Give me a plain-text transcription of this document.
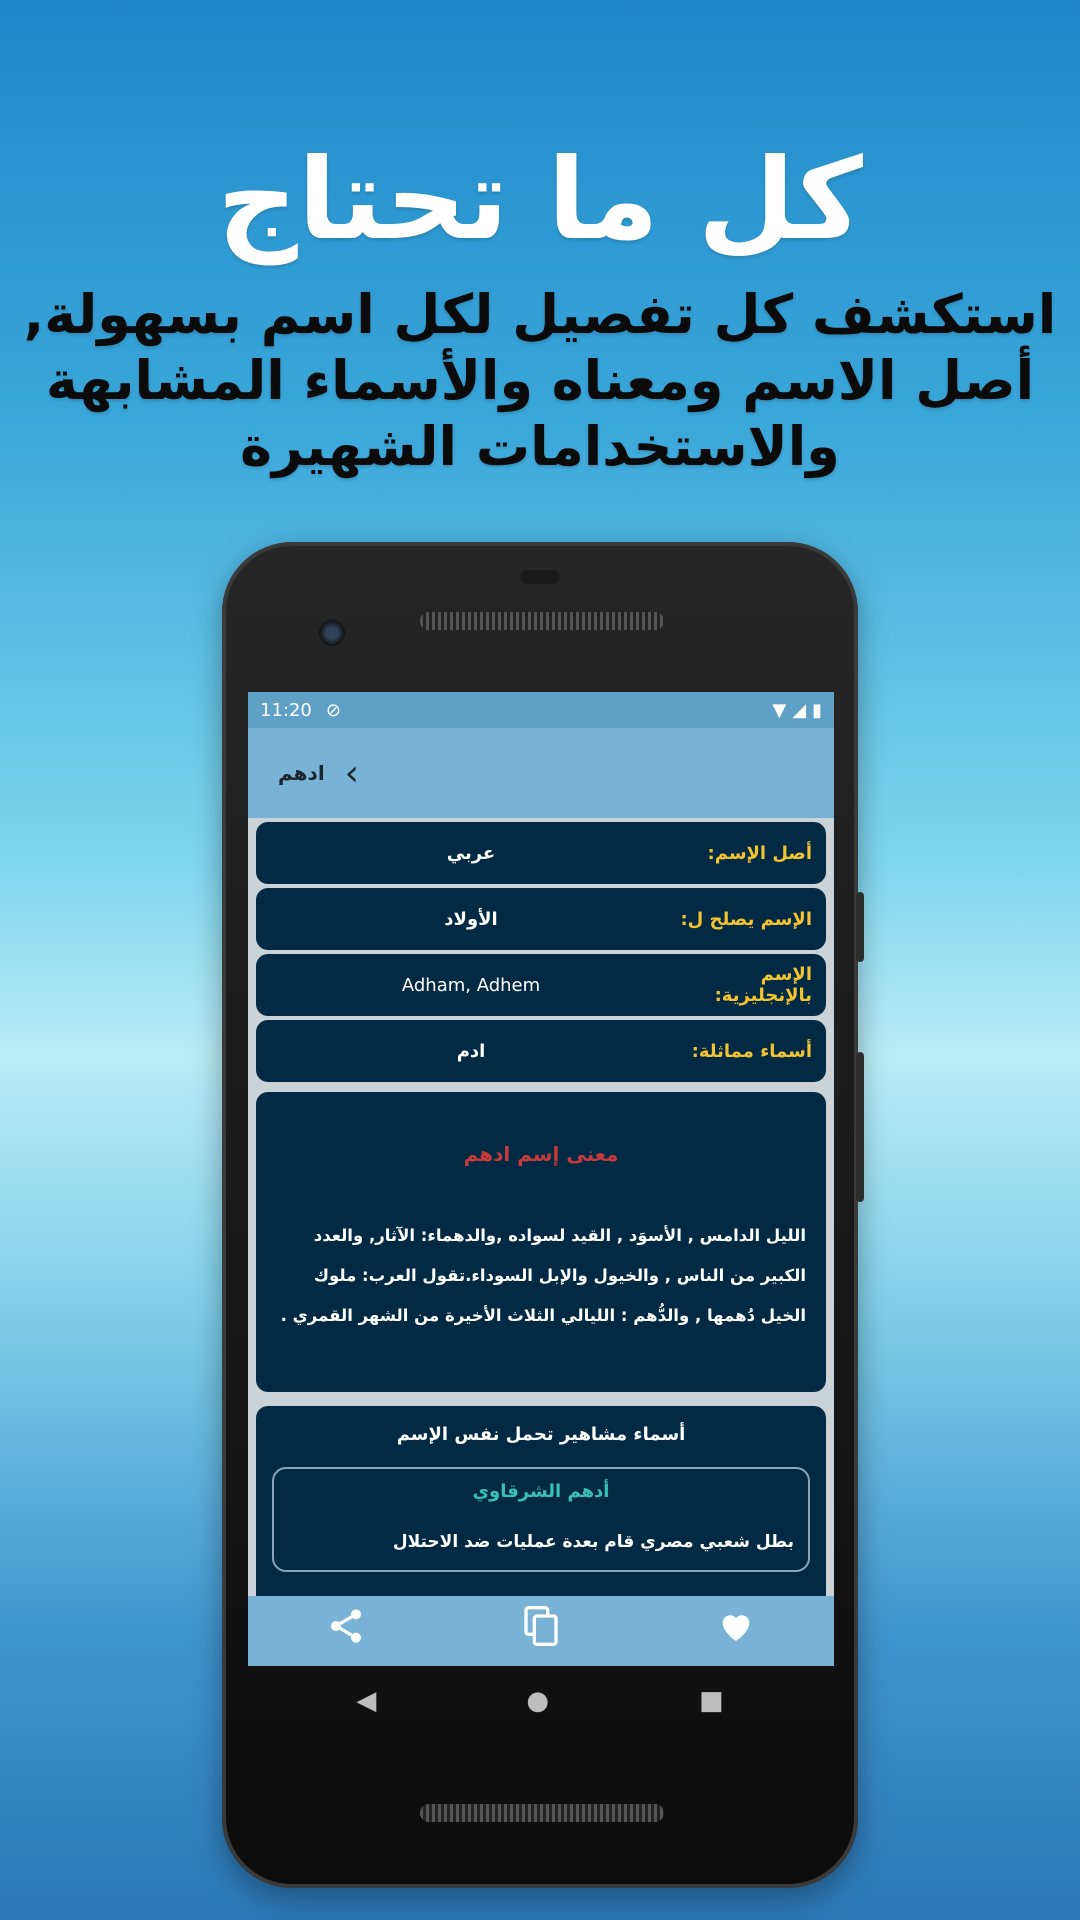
كل ما تحتاج
استكشف كل تفصيل لكل اسم بسهولة, أصل الاسم ومعناه والأسماء المشابهة والاستخدامات الشهيرة
11:20 ⊘	▼ ◢ ▮
›
ادهم
أصل الإسم:
عربي
الإسم يصلح ل:
الأولاد
الإسم بالإنجليزية:
Adham, Adhem
أسماء مماثلة:
ادم
معنى إسم ادهم
الليل الدامس , الأسوَد , القيد لسواده ,والدهماء: الآثار, والعدد الكبير من الناس , والخيول والإبل السوداء.تقول العرب: ملوك الخيل دُهمها , والدُّهم : الليالي الثلاث الأخيرة من الشهر القمري .
أسماء مشاهير تحمل نفس الإسم
أدهم الشرقاوي
بطل شعبي مصري قام بعدة عمليات ضد الاحتلال
◀	●	■
